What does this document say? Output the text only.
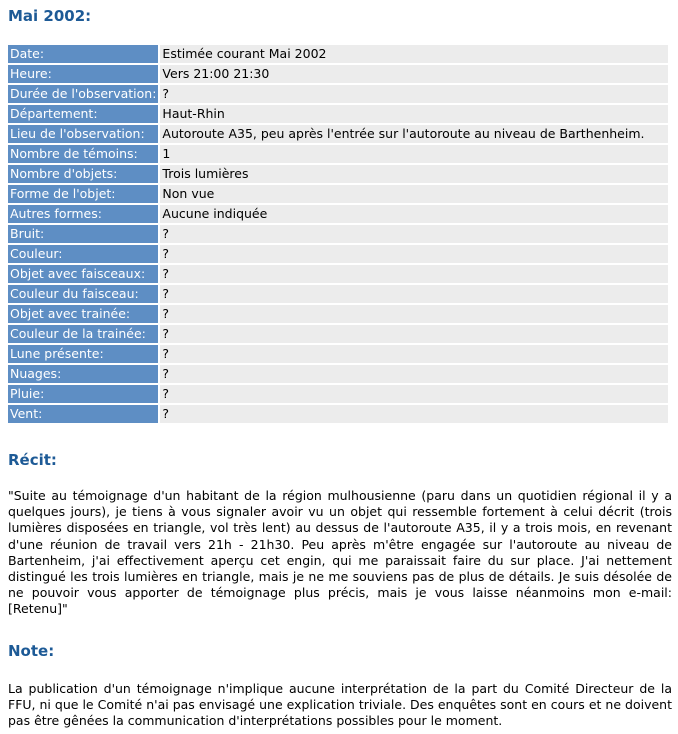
Mai 2002:
Date:	Estimée courant Mai 2002
Heure:	Vers 21:00 21:30
Durée de l'observation:	?
Département:	Haut-Rhin
Lieu de l'observation:	Autoroute A35, peu après l'entrée sur l'autoroute au niveau de Barthenheim.
Nombre de témoins:	1
Nombre d'objets:	Trois lumières
Forme de l'objet:	Non vue
Autres formes:	Aucune indiquée
Bruit:	?
Couleur:	?
Objet avec faisceaux:	?
Couleur du faisceau:	?
Objet avec trainée:	?
Couleur de la trainée:	?
Lune présente:	?
Nuages:	?
Pluie:	?
Vent:	?
Récit:

"Suite au témoignage d'un habitant de la région mulhousienne (paru dans un quotidien régional il y a quelques jours), je tiens à vous signaler avoir vu un objet qui ressemble fortement à celui décrit (trois lumières disposées en triangle, vol très lent) au dessus de l'autoroute A35, il y a trois mois, en revenant d'une réunion de travail vers 21h - 21h30. Peu après m'être engagée sur l'autoroute au niveau de Bartenheim, j'ai effectivement aperçu cet engin, qui me paraissait faire du sur place. J'ai nettement distingué les trois lumières en triangle, mais je ne me souviens pas de plus de détails. Je suis désolée de ne pouvoir vous apporter de témoignage plus précis, mais je vous laisse néanmoins mon e-mail: [Retenu]"

Note:

La publication d'un témoignage n'implique aucune interprétation de la part du Comité Directeur de la FFU, ni que le Comité n'ai pas envisagé une explication triviale. Des enquêtes sont en cours et ne doivent pas être gênées la communication d'interprétations possibles pour le moment.
